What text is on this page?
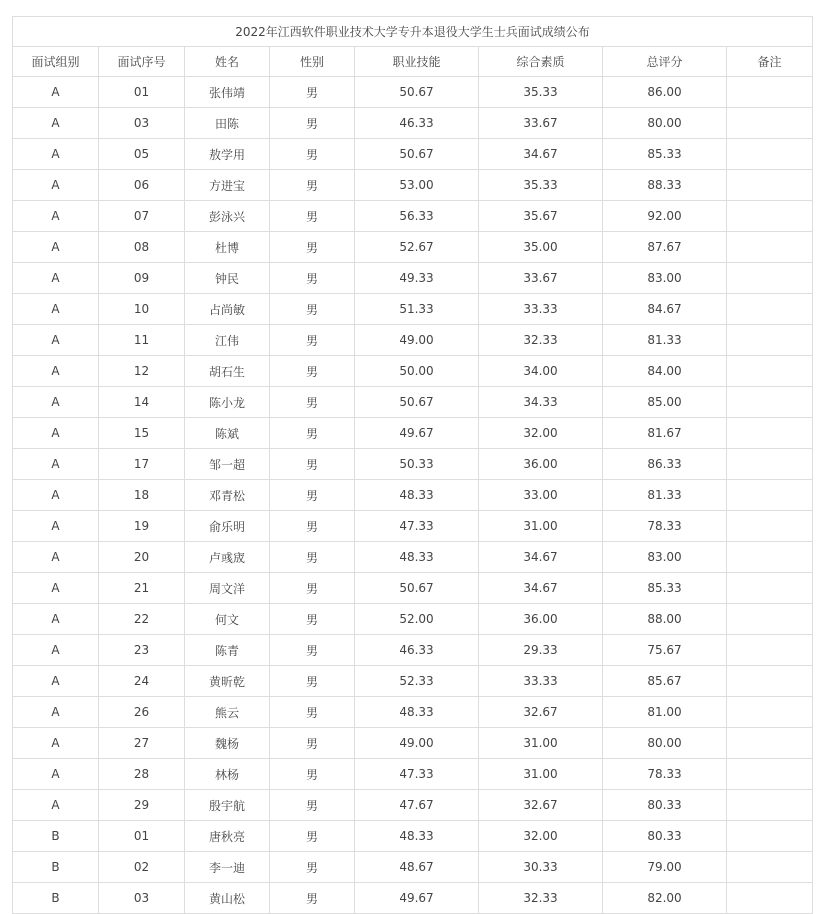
2022年江西软件职业技术大学专升本退役大学生士兵面试成绩公布							
面试组别	面试序号	姓名	性别	职业技能	综合素质	总评分	备注
A	01	张伟靖	男	50.67	35.33	86.00	
A	03	田陈	男	46.33	33.67	80.00	
A	05	敖学用	男	50.67	34.67	85.33	
A	06	方进宝	男	53.00	35.33	88.33	
A	07	彭泳兴	男	56.33	35.67	92.00	
A	08	杜博	男	52.67	35.00	87.67	
A	09	钟民	男	49.33	33.67	83.00	
A	10	占尚敏	男	51.33	33.33	84.67	
A	11	江伟	男	49.00	32.33	81.33	
A	12	胡石生	男	50.00	34.00	84.00	
A	14	陈小龙	男	50.67	34.33	85.00	
A	15	陈斌	男	49.67	32.00	81.67	
A	17	邹一超	男	50.33	36.00	86.33	
A	18	邓青松	男	48.33	33.00	81.33	
A	19	俞乐明	男	47.33	31.00	78.33	
A	20	卢彧宬	男	48.33	34.67	83.00	
A	21	周文洋	男	50.67	34.67	85.33	
A	22	何文	男	52.00	36.00	88.00	
A	23	陈青	男	46.33	29.33	75.67	
A	24	黄昕乾	男	52.33	33.33	85.67	
A	26	熊云	男	48.33	32.67	81.00	
A	27	魏杨	男	49.00	31.00	80.00	
A	28	林杨	男	47.33	31.00	78.33	
A	29	殷宇航	男	47.67	32.67	80.33	
B	01	唐秋亮	男	48.33	32.00	80.33	
B	02	李一迪	男	48.67	30.33	79.00	
B	03	黄山松	男	49.67	32.33	82.00	
